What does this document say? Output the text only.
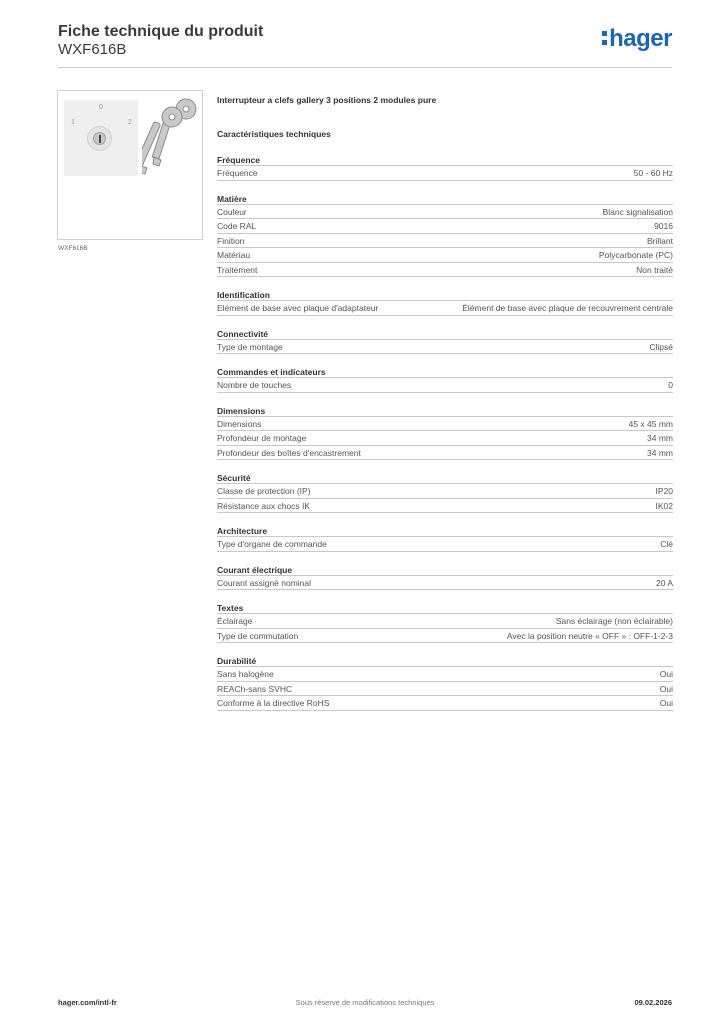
Fiche technique du produit
WXF616B	hager
0
1	2
WXF616B
Interrupteur a clefs gallery 3 positions 2 modules pure
Caractéristiques techniques
Fréquence
Fréquence	50 - 60 Hz
Matière
Couleur	Blanc signalisation
Code RAL	9016
Finition	Brillant
Matériau	Polycarbonate (PC)
Traitement	Non traité
Identification
Elément de base avec plaque d'adaptateur	Élément de base avec plaque de recouvrement centrale
Connectivité
Type de montage	Clipsé
Commandes et indicateurs
Nombre de touches	0
Dimensions
Dimensions	45 x 45 mm
Profondeur de montage	34 mm
Profondeur des boîtes d'encastrement	34 mm
Sécurité
Classe de protection (IP)	IP20
Résistance aux chocs IK	IK02
Architecture
Type d'organe de commande	Clé
Courant électrique
Courant assigné nominal	20 A
Textes
Éclairage	Sans éclairage (non éclairable)
Type de commutation	Avec la position neutre « OFF » : OFF-1-2-3
Durabilité
Sans halogène	Oui
REACh-sans SVHC	Oui
Conforme à la directive RoHS	Oui
hager.com/intl-fr	Sous réserve de modifications techniques	09.02.2026
